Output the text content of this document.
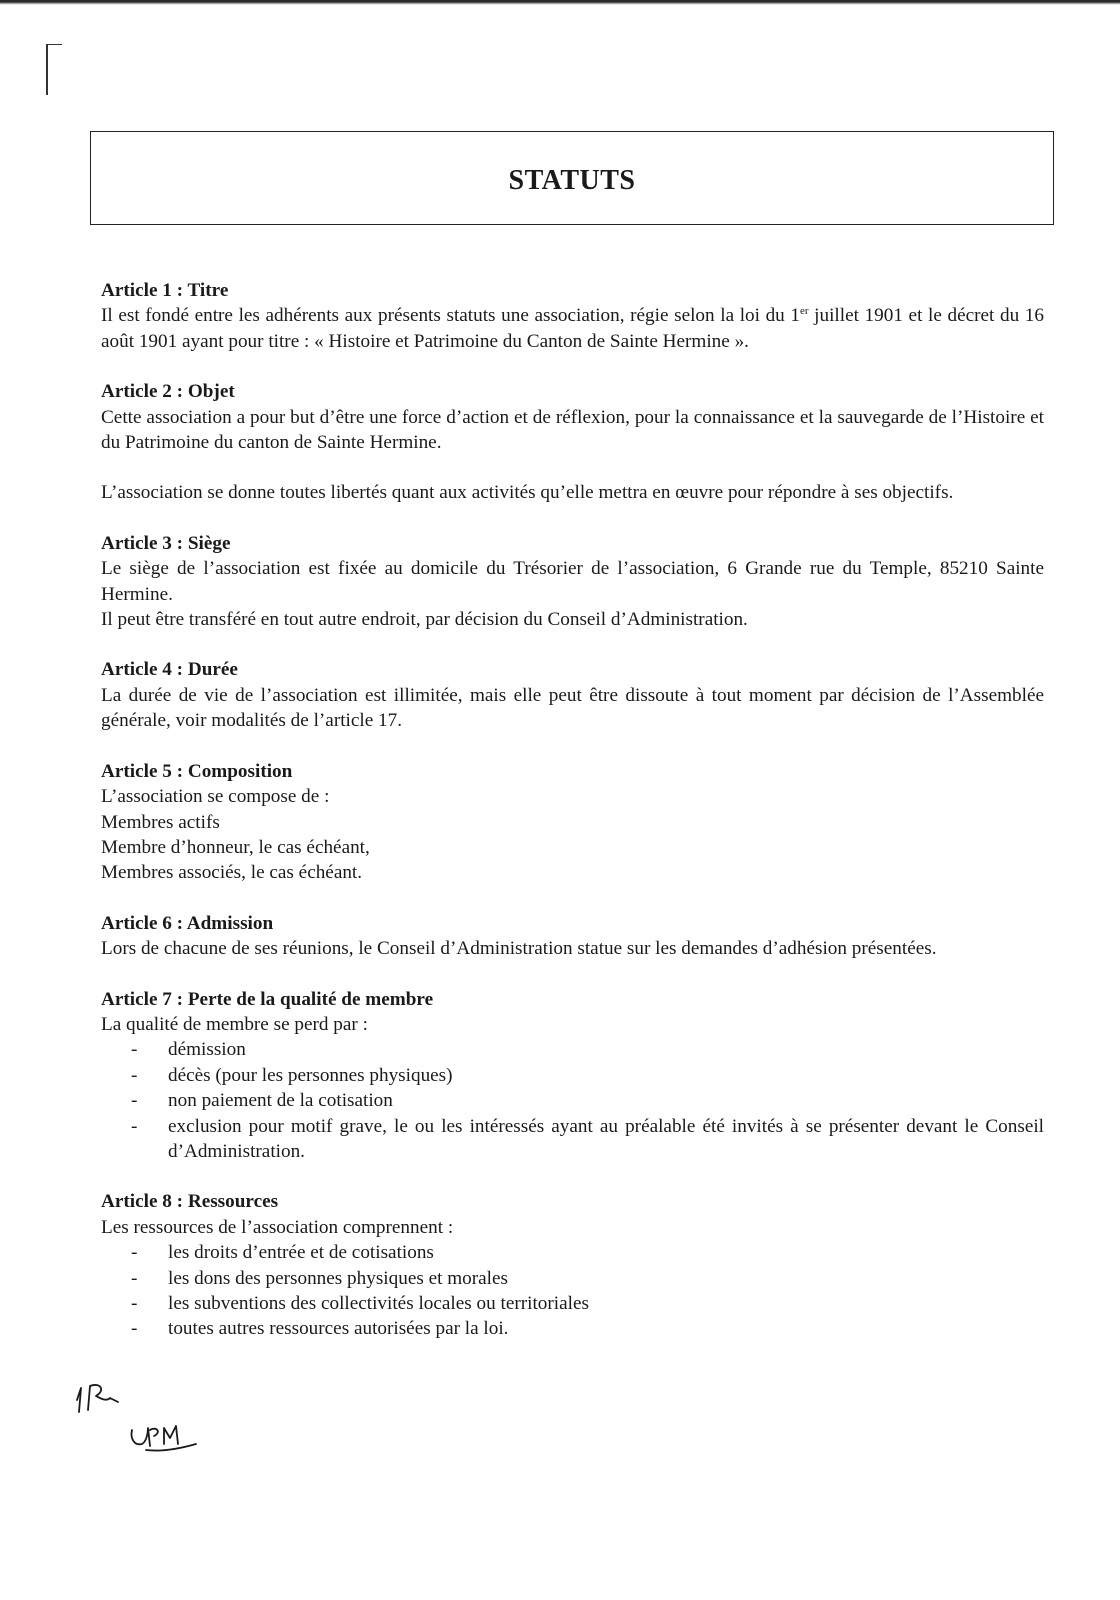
STATUTS
Article 1 : Titre

Il est fondé entre les adhérents aux présents statuts une association, régie selon la loi du 1er juillet 1901 et le décret du 16 août 1901 ayant pour titre : « Histoire et Patrimoine du Canton de Sainte Hermine ».

Article 2 : Objet

Cette association a pour but d’être une force d’action et de réflexion, pour la connaissance et la sauvegarde de l’Histoire et du Patrimoine du canton de Sainte Hermine.

L’association se donne toutes libertés quant aux activités qu’elle mettra en œuvre pour répondre à ses objectifs.

Article 3 : Siège

Le siège de l’association est fixée au domicile du Trésorier de l’association, 6 Grande rue du Temple, 85210 Sainte Hermine.

Il peut être transféré en tout autre endroit, par décision du Conseil d’Administration.

Article 4 : Durée

La durée de vie de l’association est illimitée, mais elle peut être dissoute à tout moment par décision de l’Assemblée générale, voir modalités de l’article 17.

Article 5 : Composition

L’association se compose de :

Membres actifs

Membre d’honneur, le cas échéant,

Membres associés, le cas échéant.

Article 6 : Admission

Lors de chacune de ses réunions, le Conseil d’Administration statue sur les demandes d’adhésion présentées.

Article 7 : Perte de la qualité de membre

La qualité de membre se perd par :

- démission
- décès (pour les personnes physiques)
- non paiement de la cotisation
- exclusion pour motif grave, le ou les intéressés ayant au préalable été invités à se présenter devant le Conseil d’Administration.
Article 8 : Ressources

Les ressources de l’association comprennent :

- les droits d’entrée et de cotisations
- les dons des personnes physiques et morales
- les subventions des collectivités locales ou territoriales
- toutes autres ressources autorisées par la loi.
